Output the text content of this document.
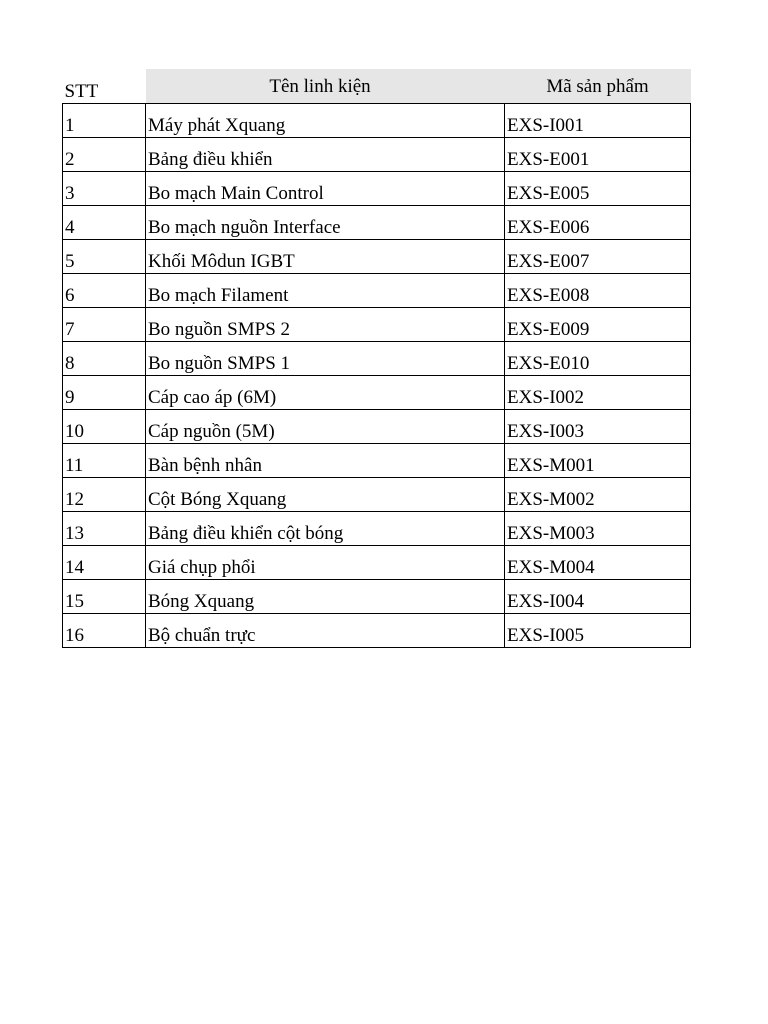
STT	Tên linh kiện	Mã sản phẩm
1	Máy phát Xquang	EXS-I001
2	Bảng điều khiển	EXS-E001
3	Bo mạch Main Control	EXS-E005
4	Bo mạch nguồn Interface	EXS-E006
5	Khối Môdun IGBT	EXS-E007
6	Bo mạch Filament	EXS-E008
7	Bo nguồn SMPS 2	EXS-E009
8	Bo nguồn SMPS 1	EXS-E010
9	Cáp cao áp (6M)	EXS-I002
10	Cáp nguồn (5M)	EXS-I003
11	Bàn bệnh nhân	EXS-M001
12	Cột Bóng Xquang	EXS-M002
13	Bảng điều khiển cột bóng	EXS-M003
14	Giá chụp phổi	EXS-M004
15	Bóng Xquang	EXS-I004
16	Bộ chuẩn trực	EXS-I005
